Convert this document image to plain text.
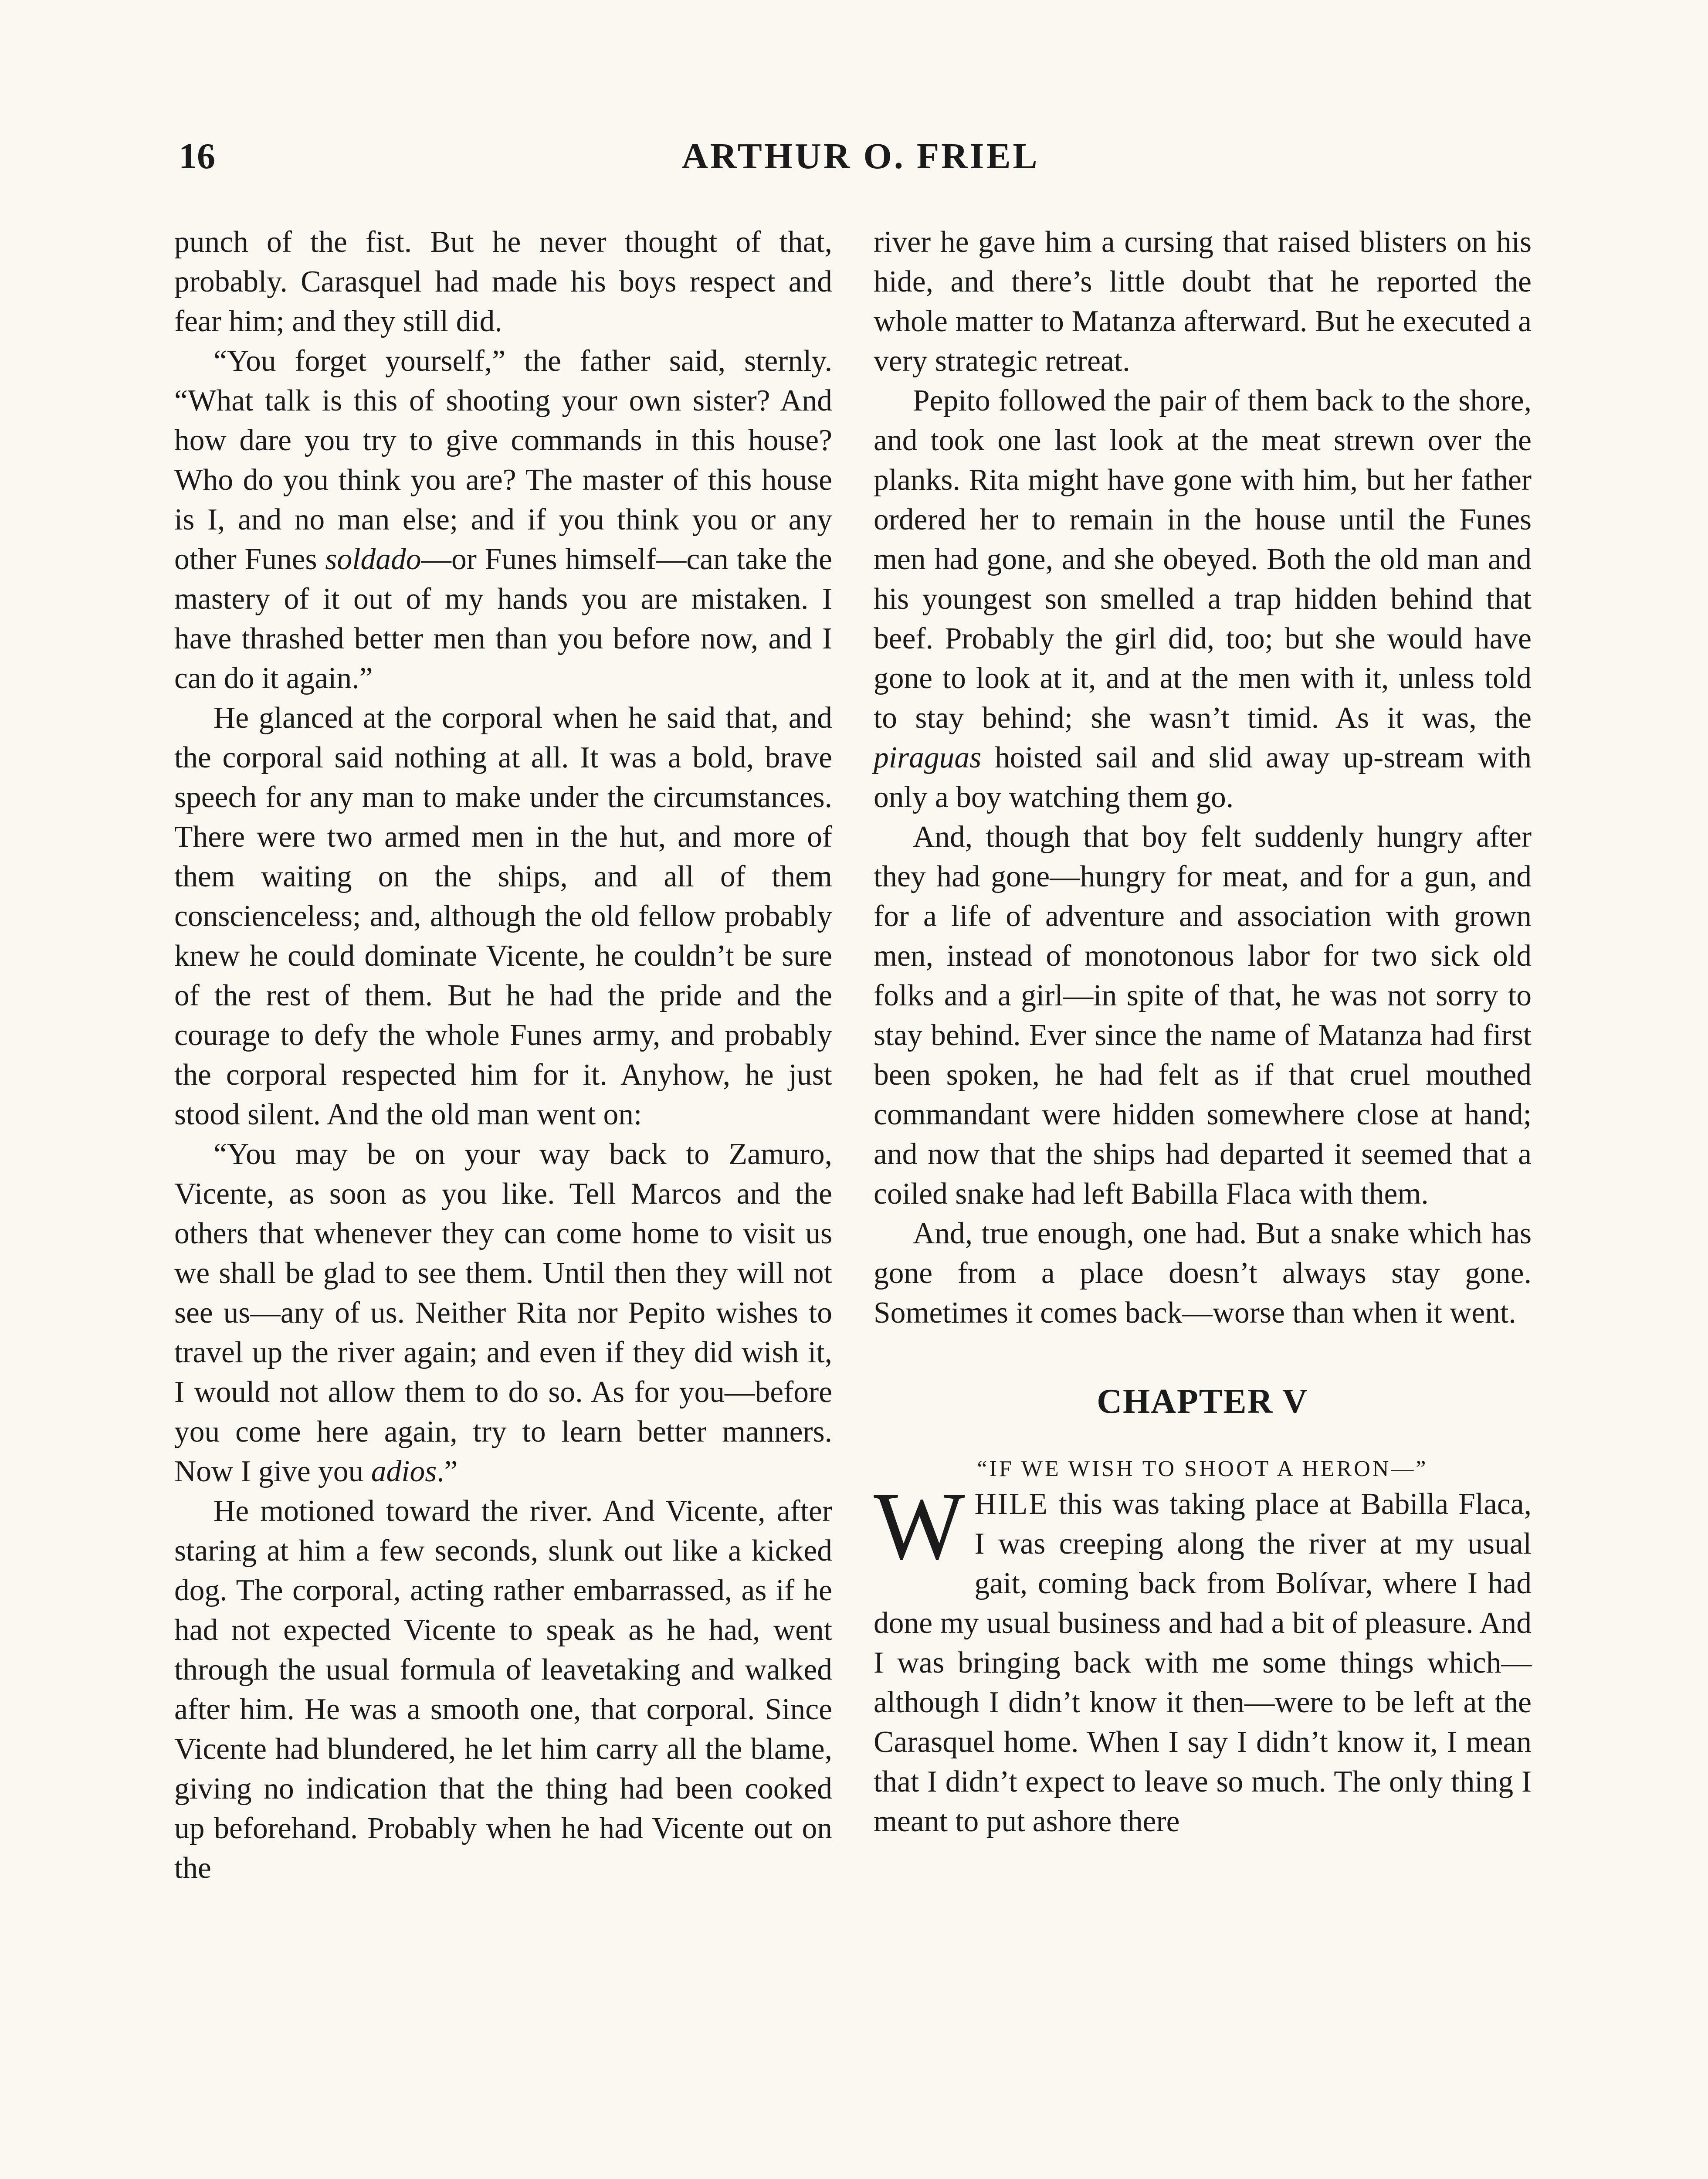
16	ARTHUR O. FRIEL

punch of the fist. But he never thought of that, probably. Carasquel had made his boys respect and fear him; and they still did.

“You forget yourself,” the father said, sternly. “What talk is this of shooting your own sister? And how dare you try to give commands in this house? Who do you think you are? The master of this house is I, and no man else; and if you think you or any other Funes soldado—or Funes himself—can take the mastery of it out of my hands you are mistaken. I have thrashed better men than you before now, and I can do it again.”

He glanced at the corporal when he said that, and the corporal said nothing at all. It was a bold, brave speech for any man to make under the circumstances. There were two armed men in the hut, and more of them waiting on the ships, and all of them conscienceless; and, although the old fellow probably knew he could dominate Vicente, he couldn’t be sure of the rest of them. But he had the pride and the courage to defy the whole Funes army, and probably the corporal respected him for it. Anyhow, he just stood silent. And the old man went on:

“You may be on your way back to Zamuro, Vicente, as soon as you like. Tell Marcos and the others that whenever they can come home to visit us we shall be glad to see them. Until then they will not see us—any of us. Neither Rita nor Pepito wishes to travel up the river again; and even if they did wish it, I would not allow them to do so. As for you—before you come here again, try to learn better manners. Now I give you adios.”

He motioned toward the river. And Vicente, after staring at him a few seconds, slunk out like a kicked dog. The corporal, acting rather embarrassed, as if he had not expected Vicente to speak as he had, went through the usual formula of leavetaking and walked after him. He was a smooth one, that corporal. Since Vicente had blundered, he let him carry all the blame, giving no indication that the thing had been cooked up beforehand. Probably when he had Vicente out on the

river he gave him a cursing that raised blisters on his hide, and there’s little doubt that he reported the whole matter to Matanza afterward. But he executed a very strategic retreat.

Pepito followed the pair of them back to the shore, and took one last look at the meat strewn over the planks. Rita might have gone with him, but her father ordered her to remain in the house until the Funes men had gone, and she obeyed. Both the old man and his youngest son smelled a trap hidden behind that beef. Probably the girl did, too; but she would have gone to look at it, and at the men with it, unless told to stay behind; she wasn’t timid. As it was, the piraguas hoisted sail and slid away up-stream with only a boy watching them go.

And, though that boy felt suddenly hungry after they had gone—hungry for meat, and for a gun, and for a life of adventure and association with grown men, instead of monotonous labor for two sick old folks and a girl—in spite of that, he was not sorry to stay behind. Ever since the name of Matanza had first been spoken, he had felt as if that cruel mouthed commandant were hidden somewhere close at hand; and now that the ships had departed it seemed that a coiled snake had left Babilla Flaca with them.

And, true enough, one had. But a snake which has gone from a place doesn’t always stay gone. Sometimes it comes back—worse than when it went.

CHAPTER V
“IF WE WISH TO SHOOT A HERON—”

WHILE this was taking place at Babilla Flaca, I was creeping along the river at my usual gait, coming back from Bolívar, where I had done my usual business and had a bit of pleasure. And I was bringing back with me some things which—although I didn’t know it then—were to be left at the Carasquel home. When I say I didn’t know it, I mean that I didn’t expect to leave so much. The only thing I meant to put ashore there
